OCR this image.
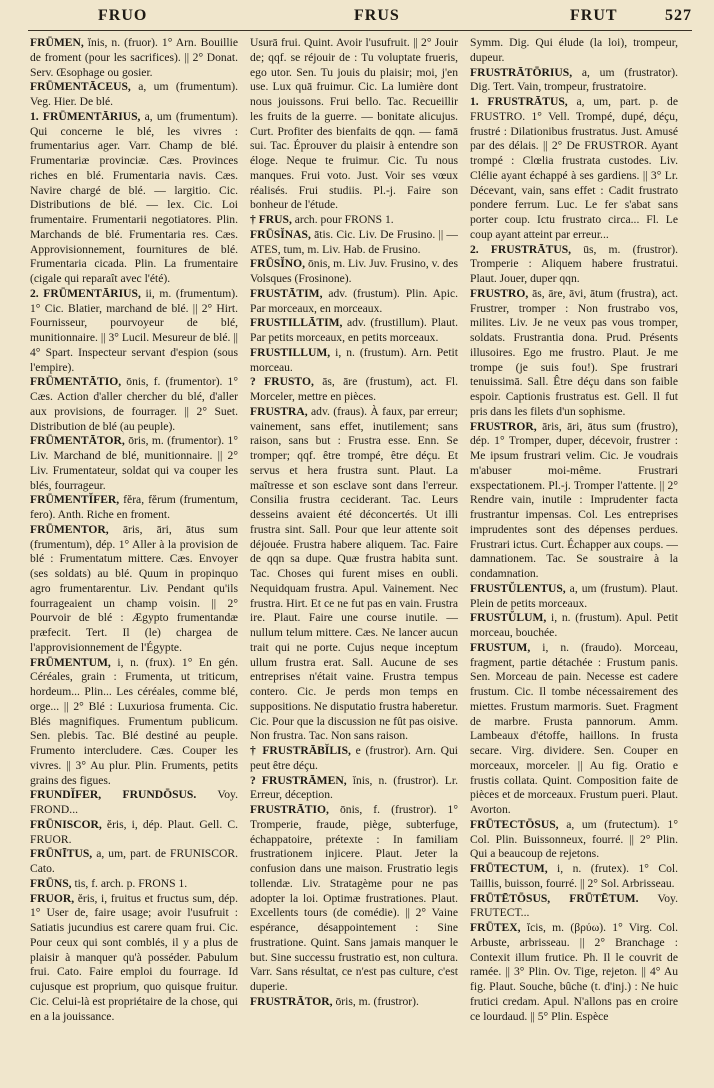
FRUO	FRUS	FRUT	527

FRŪMEN, ĭnis, n. (fruor). 1° Arn. Bouillie de froment (pour les sacrifices). || 2° Donat. Serv. Œsophage ou gosier.

FRŪMENTĀCEUS, a, um (frumentum). Veg. Hier. De blé.

1. FRŪMENTĀRIUS, a, um (frumentum). Qui concerne le blé, les vivres : frumentarius ager. Varr. Champ de blé. Frumentariæ provinciæ. Cæs. Provinces riches en blé. Frumentaria navis. Cæs. Navire chargé de blé. — largitio. Cic. Distributions de blé. — lex. Cic. Loi frumentaire. Frumentarii negotiatores. Plin. Marchands de blé. Frumentaria res. Cæs. Approvisionnement, fournitures de blé. Frumentaria cicada. Plin. La frumentaire (cigale qui reparaît avec l'été).

2. FRŪMENTĀRIUS, ii, m. (frumentum). 1° Cic. Blatier, marchand de blé. || 2° Hirt. Fournisseur, pourvoyeur de blé, munitionnaire. || 3° Lucil. Mesureur de blé. || 4° Spart. Inspecteur servant d'espion (sous l'empire).

FRŪMENTĀTIO, ōnis, f. (frumentor). 1° Cæs. Action d'aller chercher du blé, d'aller aux provisions, de fourrager. || 2° Suet. Distribution de blé (au peuple).

FRŪMENTĀTOR, ōris, m. (frumentor). 1° Liv. Marchand de blé, munitionnaire. || 2° Liv. Frumentateur, soldat qui va couper les blés, fourrageur.

FRŪMENTĬFER, fĕra, fĕrum (frumentum, fero). Anth. Riche en froment.

FRŪMENTOR, āris, āri, ātus sum (frumentum), dép. 1° Aller à la provision de blé : Frumentatum mittere. Cæs. Envoyer (ses soldats) au blé. Quum in propinquo agro frumentarentur. Liv. Pendant qu'ils fourrageaient un champ voisin. || 2° Pourvoir de blé : Ægypto frumentandæ præfecit. Tert. Il (le) chargea de l'approvisionnement de l'Égypte.

FRŪMENTUM, i, n. (frux). 1° En gén. Céréales, grain : Frumenta, ut triticum, hordeum... Plin... Les céréales, comme blé, orge... || 2° Blé : Luxuriosa frumenta. Cic. Blés magnifiques. Frumentum publicum. Sen. plebis. Tac. Blé destiné au peuple. Frumento intercludere. Cæs. Couper les vivres. || 3° Au plur. Plin. Fruments, petits grains des figues.

FRUNDĬFER, FRUNDŌSUS. Voy. FROND...

FRŪNISCOR, ĕris, i, dép. Plaut. Gell. C. FRUOR.

FRŪNĪTUS, a, um, part. de FRUNISCOR. Cato.

FRŪNS, tis, f. arch. p. FRONS 1.

FRUOR, ĕris, i, fruitus et fructus sum, dép. 1° User de, faire usage; avoir l'usufruit : Satiatis jucundius est carere quam frui. Cic. Pour ceux qui sont comblés, il y a plus de plaisir à manquer qu'à posséder. Pabulum frui. Cato. Faire emploi du fourrage. Id cujusque est proprium, quo quisque fruitur. Cic. Celui-là est propriétaire de la chose, qui en a la jouissance.

Usurā frui. Quint. Avoir l'usufruit. || 2° Jouir de; qqf. se réjouir de : Tu voluptate frueris, ego utor. Sen. Tu jouis du plaisir; moi, j'en use. Lux quā fruimur. Cic. La lumière dont nous jouissons. Frui bello. Tac. Recueillir les fruits de la guerre. — bonitate alicujus. Curt. Profiter des bienfaits de qqn. — famā sui. Tac. Éprouver du plaisir à entendre son éloge. Neque te fruimur. Cic. Tu nous manques. Frui voto. Just. Voir ses vœux réalisés. Frui studiis. Pl.-j. Faire son bonheur de l'étude.

† FRUS, arch. pour FRONS 1.

FRŪSĬNAS, ātis. Cic. Liv. De Frusino. || — ATES, tum, m. Liv. Hab. de Frusino.

FRŪSĬNO, ōnis, m. Liv. Juv. Frusino, v. des Volsques (Frosinone).

FRUSTĀTIM, adv. (frustum). Plin. Apic. Par morceaux, en morceaux.

FRUSTILLĀTIM, adv. (frustillum). Plaut. Par petits morceaux, en petits morceaux.

FRUSTILLUM, i, n. (frustum). Arn. Petit morceau.

? FRUSTO, ās, āre (frustum), act. Fl. Morceler, mettre en pièces.

FRUSTRA, adv. (fraus). À faux, par erreur; vainement, sans effet, inutilement; sans raison, sans but : Frustra esse. Enn. Se tromper; qqf. être trompé, être déçu. Et servus et hera frustra sunt. Plaut. La maîtresse et son esclave sont dans l'erreur. Consilia frustra ceciderant. Tac. Leurs desseins avaient été déconcertés. Ut illi frustra sint. Sall. Pour que leur attente soit déjouée. Frustra habere aliquem. Tac. Faire de qqn sa dupe. Quæ frustra habita sunt. Tac. Choses qui furent mises en oubli. Nequidquam frustra. Apul. Vainement. Nec frustra. Hirt. Et ce ne fut pas en vain. Frustra ire. Plaut. Faire une course inutile. — nullum telum mittere. Cæs. Ne lancer aucun trait qui ne porte. Cujus neque inceptum ullum frustra erat. Sall. Aucune de ses entreprises n'était vaine. Frustra tempus contero. Cic. Je perds mon temps en suppositions. Ne disputatio frustra haberetur. Cic. Pour que la discussion ne fût pas oisive. Non frustra. Tac. Non sans raison.

† FRUSTRĀBĬLIS, e (frustror). Arn. Qui peut être déçu.

? FRUSTRĀMEN, ĭnis, n. (frustror). Lr. Erreur, déception.

FRUSTRĀTIO, ōnis, f. (frustror). 1° Tromperie, fraude, piège, subterfuge, échappatoire, prétexte : In familiam frustrationem injicere. Plaut. Jeter la confusion dans une maison. Frustratio legis tollendæ. Liv. Stratagème pour ne pas adopter la loi. Optimæ frustrationes. Plaut. Excellents tours (de comédie). || 2° Vaine espérance, désappointement : Sine frustratione. Quint. Sans jamais manquer le but. Sine successu frustratio est, non cultura. Varr. Sans résultat, ce n'est pas culture, c'est duperie.

FRUSTRĀTOR, ōris, m. (frustror).

Symm. Dig. Qui élude (la loi), trompeur, dupeur.

FRUSTRĀTŌRIUS, a, um (frustrator). Dig. Tert. Vain, trompeur, frustratoire.

1. FRUSTRĀTUS, a, um, part. p. de FRUSTRO. 1° Vell. Trompé, dupé, déçu, frustré : Dilationibus frustratus. Just. Amusé par des délais. || 2° De FRUSTROR. Ayant trompé : Clœlia frustrata custodes. Liv. Clélie ayant échappé à ses gardiens. || 3° Lr. Décevant, vain, sans effet : Cadit frustrato pondere ferrum. Luc. Le fer s'abat sans porter coup. Ictu frustrato circa... Fl. Le coup ayant atteint par erreur...

2. FRUSTRĀTUS, ūs, m. (frustror). Tromperie : Aliquem habere frustratui. Plaut. Jouer, duper qqn.

FRUSTRO, ās, āre, āvi, ātum (frustra), act. Frustrer, tromper : Non frustrabo vos, milites. Liv. Je ne veux pas vous tromper, soldats. Frustrantia dona. Prud. Présents illusoires. Ego me frustro. Plaut. Je me trompe (je suis fou!). Spe frustrari tenuissimā. Sall. Être déçu dans son faible espoir. Captionis frustratus est. Gell. Il fut pris dans les filets d'un sophisme.

FRUSTROR, āris, āri, ātus sum (frustro), dép. 1° Tromper, duper, décevoir, frustrer : Me ipsum frustrari velim. Cic. Je voudrais m'abuser moi-même. Frustrari exspectationem. Pl.-j. Tromper l'attente. || 2° Rendre vain, inutile : Imprudenter facta frustrantur impensas. Col. Les entreprises imprudentes sont des dépenses perdues. Frustrari ictus. Curt. Échapper aux coups. — damnationem. Tac. Se soustraire à la condamnation.

FRUSTŬLENTUS, a, um (frustum). Plaut. Plein de petits morceaux.

FRUSTŬLUM, i, n. (frustum). Apul. Petit morceau, bouchée.

FRUSTUM, i, n. (fraudo). Morceau, fragment, partie détachée : Frustum panis. Sen. Morceau de pain. Necesse est cadere frustum. Cic. Il tombe nécessairement des miettes. Frustum marmoris. Suet. Fragment de marbre. Frusta pannorum. Amm. Lambeaux d'étoffe, haillons. In frusta secare. Virg. dividere. Sen. Couper en morceaux, morceler. || Au fig. Oratio e frustis collata. Quint. Composition faite de pièces et de morceaux. Frustum pueri. Plaut. Avorton.

FRŪTECTŌSUS, a, um (frutectum). 1° Col. Plin. Buissonneux, fourré. || 2° Plin. Qui a beaucoup de rejetons.

FRŪTECTUM, i, n. (frutex). 1° Col. Taillis, buisson, fourré. || 2° Sol. Arbrisseau.

FRŪTĒTŌSUS, FRŪTĒTUM. Voy. FRUTECT...

FRŪTEX, ĭcis, m. (βρύω). 1° Virg. Col. Arbuste, arbrisseau. || 2° Branchage : Contexit illum frutice. Ph. Il le couvrit de ramée. || 3° Plin. Ov. Tige, rejeton. || 4° Au fig. Plaut. Souche, bûche (t. d'inj.) : Ne huic frutici credam. Apul. N'allons pas en croire ce lourdaud. || 5° Plin. Espèce
